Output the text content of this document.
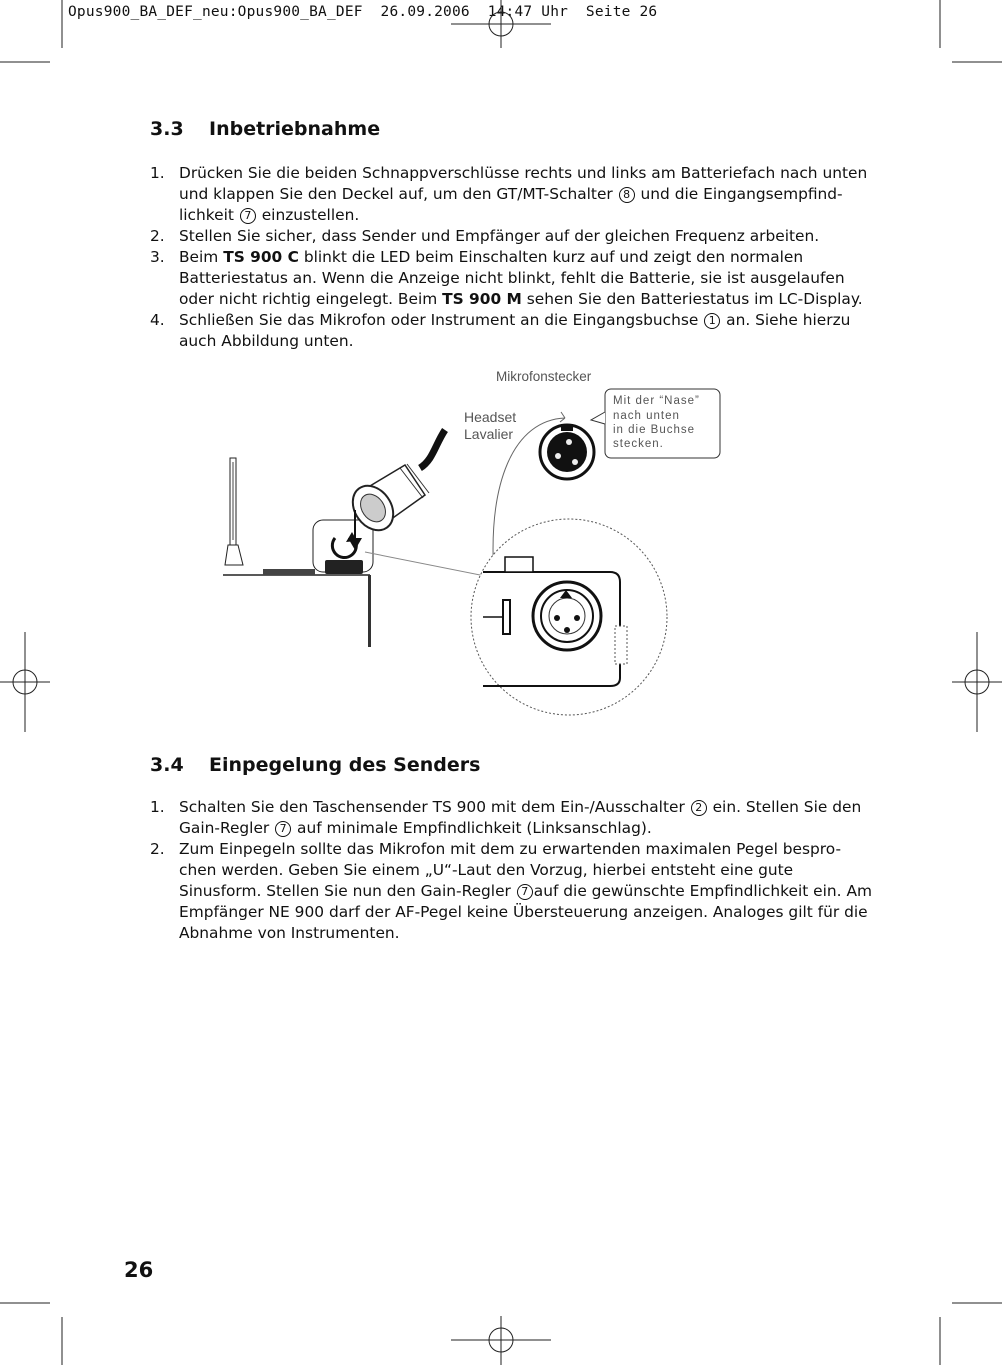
Opus900_BA_DEF_neu:Opus900_BA_DEF  26.09.2006  14:47 Uhr  Seite 26
3.3 Inbetriebnahme
1. Drücken Sie die beiden Schnappverschlüsse rechts und links am Batteriefach nach unten und klappen Sie den Deckel auf, um den GT/MT-Schalter 8 und die Eingangsempfind-lichkeit 7 einzustellen.
2. Stellen Sie sicher, dass Sender und Empfänger auf der gleichen Frequenz arbeiten.
3. Beim TS 900 C blinkt die LED beim Einschalten kurz auf und zeigt den normalen Batteriestatus an. Wenn die Anzeige nicht blinkt, fehlt die Batterie, sie ist ausgelaufen oder nicht richtig eingelegt. Beim TS 900 M sehen Sie den Batteriestatus im LC-Display.
4. Schließen Sie das Mikrofon oder Instrument an die Eingangsbuchse 1 an. Siehe hierzu auch Abbildung unten.
Mikrofonstecker
Headset
Lavalier
Mit der “Nase”
nach unten
in die Buchse
stecken.
3.4 Einpegelung des Senders
1. Schalten Sie den Taschensender TS 900 mit dem Ein-/Ausschalter 2 ein. Stellen Sie den Gain-Regler 7 auf minimale Empfindlichkeit (Linksanschlag).
2. Zum Einpegeln sollte das Mikrofon mit dem zu erwartenden maximalen Pegel bespro-chen werden. Geben Sie einem „U“-Laut den Vorzug, hierbei entsteht eine gute Sinusform. Stellen Sie nun den Gain-Regler 7 auf die gewünschte Empfindlichkeit ein. Am Empfänger NE 900 darf der AF-Pegel keine Übersteuerung anzeigen. Analoges gilt für die Abnahme von Instrumenten.
26
